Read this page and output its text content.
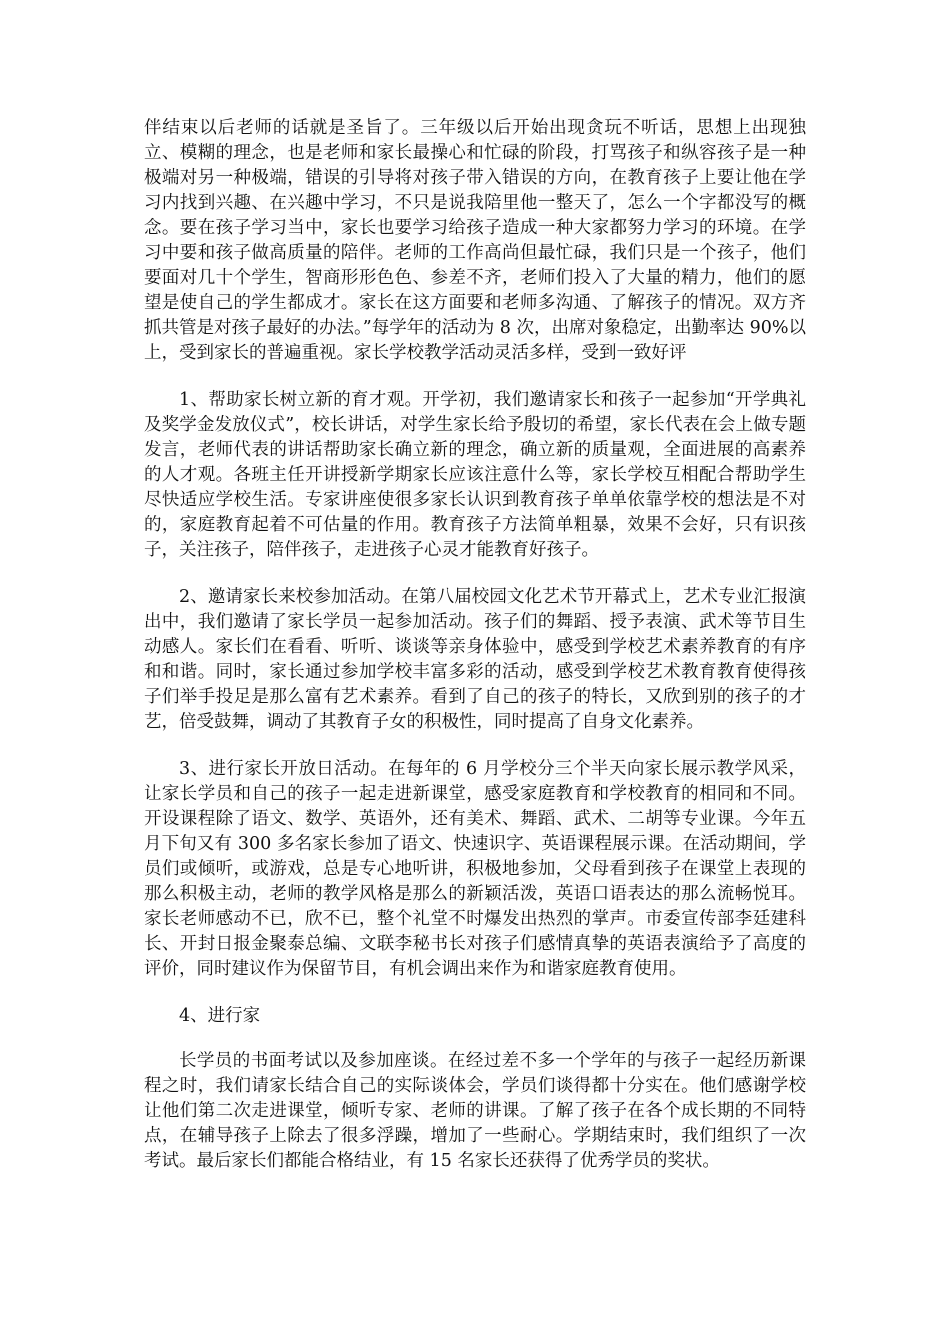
伴结束以后老师的话就是圣旨了。三年级以后开始出现贪玩不听话，思想上出现独立、模糊的理念，也是老师和家长最操心和忙碌的阶段，打骂孩子和纵容孩子是一种极端对另一种极端，错误的引导将对孩子带入错误的方向，在教育孩子上要让他在学习内找到兴趣、在兴趣中学习，不只是说我陪里他一整天了，怎么一个字都没写的概念。要在孩子学习当中，家长也要学习给孩子造成一种大家都努力学习的环境。在学习中要和孩子做高质量的陪伴。老师的工作高尚但最忙碌，我们只是一个孩子，他们要面对几十个学生，智商形形色色、参差不齐，老师们投入了大量的精力，他们的愿望是使自己的学生都成才。家长在这方面要和老师多沟通、了解孩子的情况。双方齐抓共管是对孩子最好的办法。”每学年的活动为 8 次，出席对象稳定，出勤率达 90%以上，受到家长的普遍重视。家长学校教学活动灵活多样，受到一致好评

1、帮助家长树立新的育才观。开学初，我们邀请家长和孩子一起参加“开学典礼及奖学金发放仪式”，校长讲话，对学生家长给予殷切的希望，家长代表在会上做专题发言，老师代表的讲话帮助家长确立新的理念，确立新的质量观，全面进展的高素养的人才观。各班主任开讲授新学期家长应该注意什么等，家长学校互相配合帮助学生尽快适应学校生活。专家讲座使很多家长认识到教育孩子单单依靠学校的想法是不对的，家庭教育起着不可估量的作用。教育孩子方法简单粗暴，效果不会好，只有识孩子，关注孩子，陪伴孩子，走进孩子心灵才能教育好孩子。

2、邀请家长来校参加活动。在第八届校园文化艺术节开幕式上，艺术专业汇报演出中，我们邀请了家长学员一起参加活动。孩子们的舞蹈、授予表演、武术等节目生动感人。家长们在看看、听听、谈谈等亲身体验中，感受到学校艺术素养教育的有序和和谐。同时，家长通过参加学校丰富多彩的活动，感受到学校艺术教育教育使得孩子们举手投足是那么富有艺术素养。看到了自己的孩子的特长，又欣到别的孩子的才艺，倍受鼓舞，调动了其教育子女的积极性，同时提高了自身文化素养。

3、进行家长开放日活动。在每年的 6 月学校分三个半天向家长展示教学风采，让家长学员和自己的孩子一起走进新课堂，感受家庭教育和学校教育的相同和不同。开设课程除了语文、数学、英语外，还有美术、舞蹈、武术、二胡等专业课。今年五月下旬又有 300 多名家长参加了语文、快速识字、英语课程展示课。在活动期间，学员们或倾听，或游戏，总是专心地听讲，积极地参加，父母看到孩子在课堂上表现的那么积极主动，老师的教学风格是那么的新颖活泼，英语口语表达的那么流畅悦耳。家长老师感动不已，欣不已，整个礼堂不时爆发出热烈的掌声。市委宣传部李廷建科长、开封日报金聚泰总编、文联李秘书长对孩子们感情真挚的英语表演给予了高度的评价，同时建议作为保留节目，有机会调出来作为和谐家庭教育使用。

4、进行家

长学员的书面考试以及参加座谈。在经过差不多一个学年的与孩子一起经历新课程之时，我们请家长结合自己的实际谈体会，学员们谈得都十分实在。他们感谢学校让他们第二次走进课堂，倾听专家、老师的讲课。了解了孩子在各个成长期的不同特点，在辅导孩子上除去了很多浮躁，增加了一些耐心。学期结束时，我们组织了一次考试。最后家长们都能合格结业，有 15 名家长还获得了优秀学员的奖状。
